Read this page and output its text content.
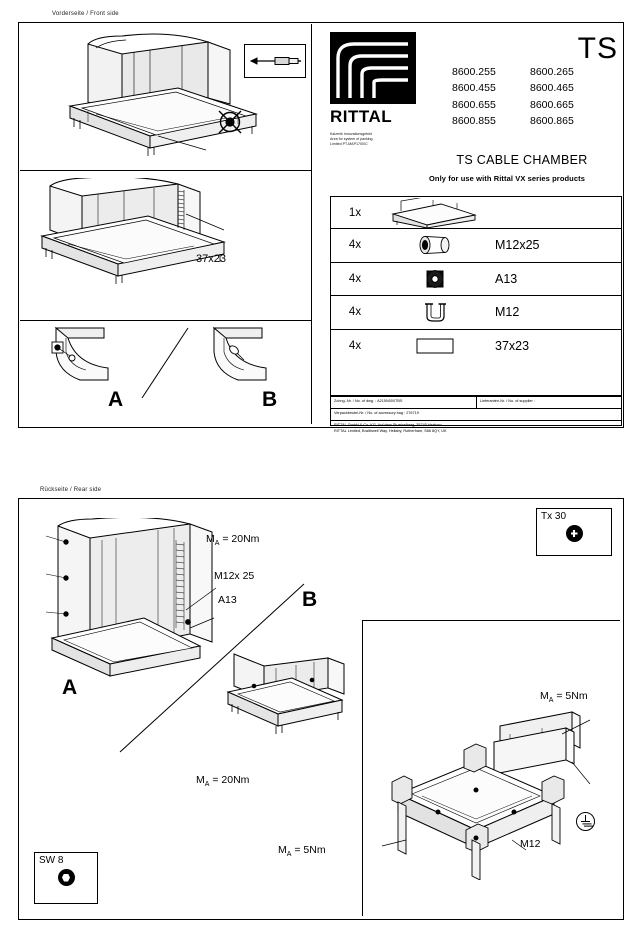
Vorderseite / Front side
37x23
A	B
RITTAL
Kaizerik Innovationsgebiet
Area for system of packing
Limited PT-MAP1700/C
TS
8600.255	8600.265
8600.455	8600.465
8600.655	8600.665
8600.855	8600.865
TS CABLE CHAMBER
Only for use with Rittal VX series products
1x
4x	M12x25
4x	A13
4x	M12
4x	37x23
Zchng.-Nr. / No. of dwg. : A215N000TBS	Lieferanten-Nr. / No. of supplier :
Verpackbeutel-Nr. / No. of accessory bag : 276719
RITTAL GmbH & Co. KG, Auf dem Stuetzelberg, 35745 Herborn
RITTAL Limited, Braithwell Way, Hellaby, Rotherham, S66 8QY, UK
Rückseite / Rear side
Tx 30
SW 8
A
$M_A = 20Nm$
M12x 25
A13	B
$M_A = 20Nm$
$M_A = 5Nm$
$M_A = 5Nm$	M12
